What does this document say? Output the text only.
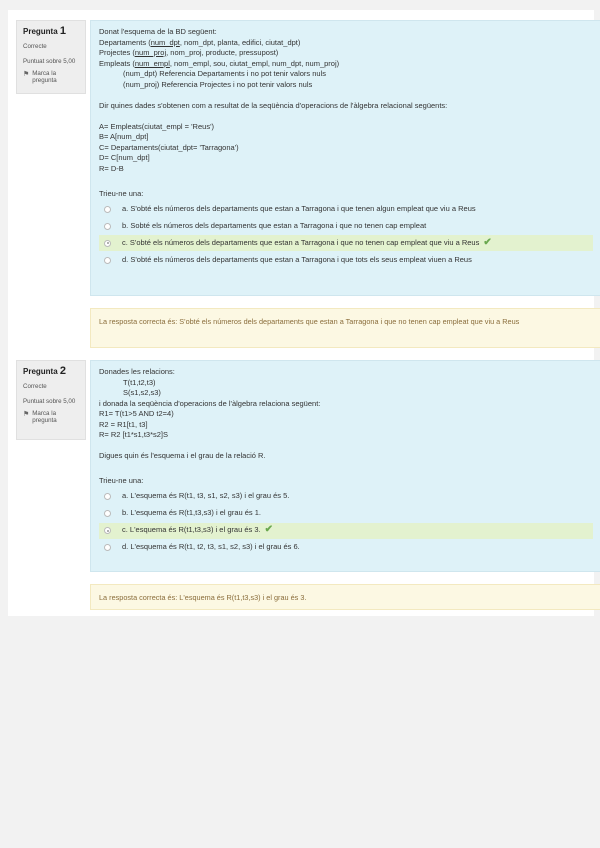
Pregunta 1
Correcte
Puntuat sobre 5,00
⚑ Marca la pregunta

Donat l'esquema de la BD següent:

Departaments (num_dpt, nom_dpt, planta, edifici, ciutat_dpt)

Projectes (num_proj, nom_proj, producte, pressupost)

Empleats (num_empl, nom_empl, sou, ciutat_empl, num_dpt, num_proj)

(num_dpt) Referencia Departaments i no pot tenir valors nuls

(num_proj) Referencia Projectes i no pot tenir valors nuls

Dir quines dades s'obtenen com a resultat de la seqüència d'operacions de l'àlgebra relacional següents:

A= Empleats(ciutat_empl = 'Reus')

B= A[num_dpt]

C= Departaments(ciutat_dpt= 'Tarragona')

D= C[num_dpt]

R= D-B

Trieu-ne una:

a. S'obté els números dels departaments que estan a Tarragona i que tenen algun empleat que viu a Reus
b. Sobté els números dels departaments que estan a Tarragona i que no tenen cap empleat
c. S'obté els números dels departaments que estan a Tarragona i que no tenen cap empleat que viu a Reus ✔
d. S'obté els números dels departaments que estan a Tarragona i que tots els seus empleat viuen a Reus
La resposta correcta és: S'obté els números dels departaments que estan a Tarragona i que no tenen cap empleat que viu a Reus
Pregunta 2
Correcte
Puntuat sobre 5,00
⚑ Marca la pregunta

Donades les relacions:

T(t1,t2,t3)

S(s1,s2,s3)

i donada la seqüència d'operacions de l'àlgebra relaciona següent:

R1= T(t1>5 AND t2=4)

R2 = R1[t1, t3]

R= R2 [t1*s1,t3*s2]S

Digues quin és l'esquema i el grau de la relació R.

Trieu-ne una:

a. L'esquema és R(t1, t3, s1, s2, s3) i el grau és 5.
b. L'esquema és R(t1,t3,s3) i el grau és 1.
c. L'esquema és R(t1,t3,s3) i el grau és 3. ✔
d. L'esquema és R(t1, t2, t3, s1, s2, s3) i el grau és 6.
La resposta correcta és: L'esquema és R(t1,t3,s3) i el grau és 3.
